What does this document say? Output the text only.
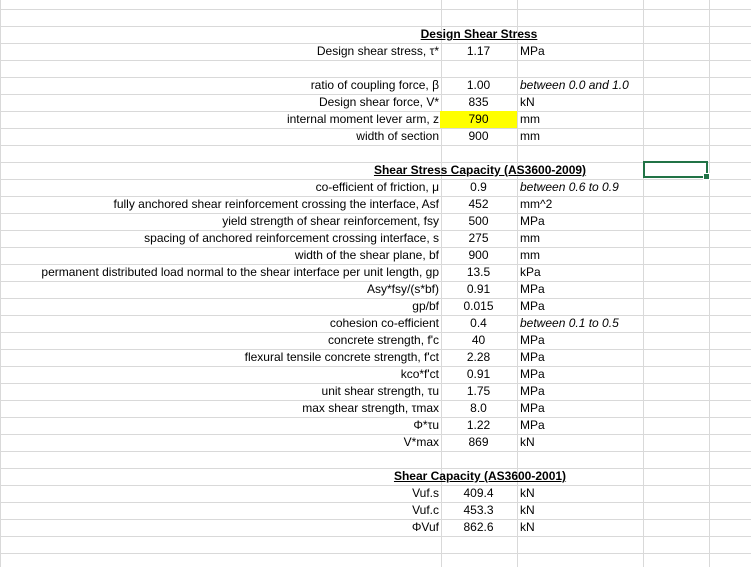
Design Shear Stress
Design shear stress, τ*	1.17	MPa
ratio of coupling force, β	1.00	between 0.0 and 1.0
Design shear force, V*	835	kN
internal moment lever arm, z	790	mm
width of section	900	mm
Shear Stress Capacity (AS3600-2009)
co-efficient of friction, μ	0.9	between 0.6 to 0.9
fully anchored shear reinforcement crossing the interface, Asf	452	mm^2
yield strength of shear reinforcement, fsy	500	MPa
spacing of anchored reinforcement crossing interface, s	275	mm
width of the shear plane, bf	900	mm
permanent distributed load normal to the shear interface per unit length, gp	13.5	kPa
Asy*fsy/(s*bf)	0.91	MPa
gp/bf	0.015	MPa
cohesion co-efficient	0.4	between 0.1 to 0.5
concrete strength, f'c	40	MPa
flexural tensile concrete strength, f'ct	2.28	MPa
kco*f'ct	0.91	MPa
unit shear strength, τu	1.75	MPa
max shear strength, τmax	8.0	MPa
Φ*τu	1.22	MPa
V*max	869	kN
Shear Capacity (AS3600-2001)
Vuf.s	409.4	kN
Vuf.c	453.3	kN
ΦVuf	862.6	kN
